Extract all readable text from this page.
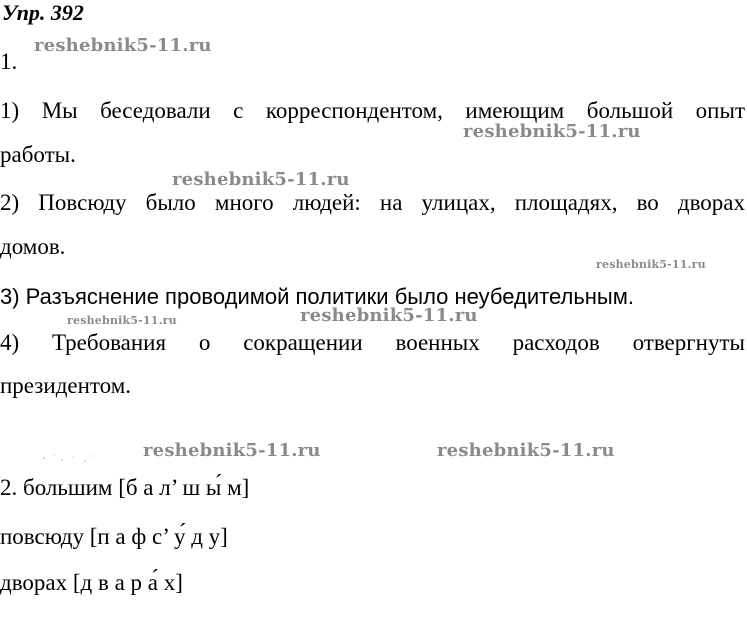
Упр. 392
reshebnik5-11.ru
reshebnik5-11.ru
reshebnik5-11.ru
reshebnik5-11.ru
reshebnik5-11.ru	reshebnik5-11.ru
reshebnik5-11.ru	reshebnik5-11.ru
1.
1) Мы беседовали с корреспондентом, имеющим большой опыт
работы.
2) Повсюду было много людей: на улицах, площадях, во дворах
домов.
3) Разъяснение проводимой политики было неубедительным.
4) Требования о сокращении военных расходов отвергнуты
президентом.
2. большим [б а л’ ш ы́ м]
повсюду [п а ф с’ у́ д у]
дворах [д в а р а́ х]
